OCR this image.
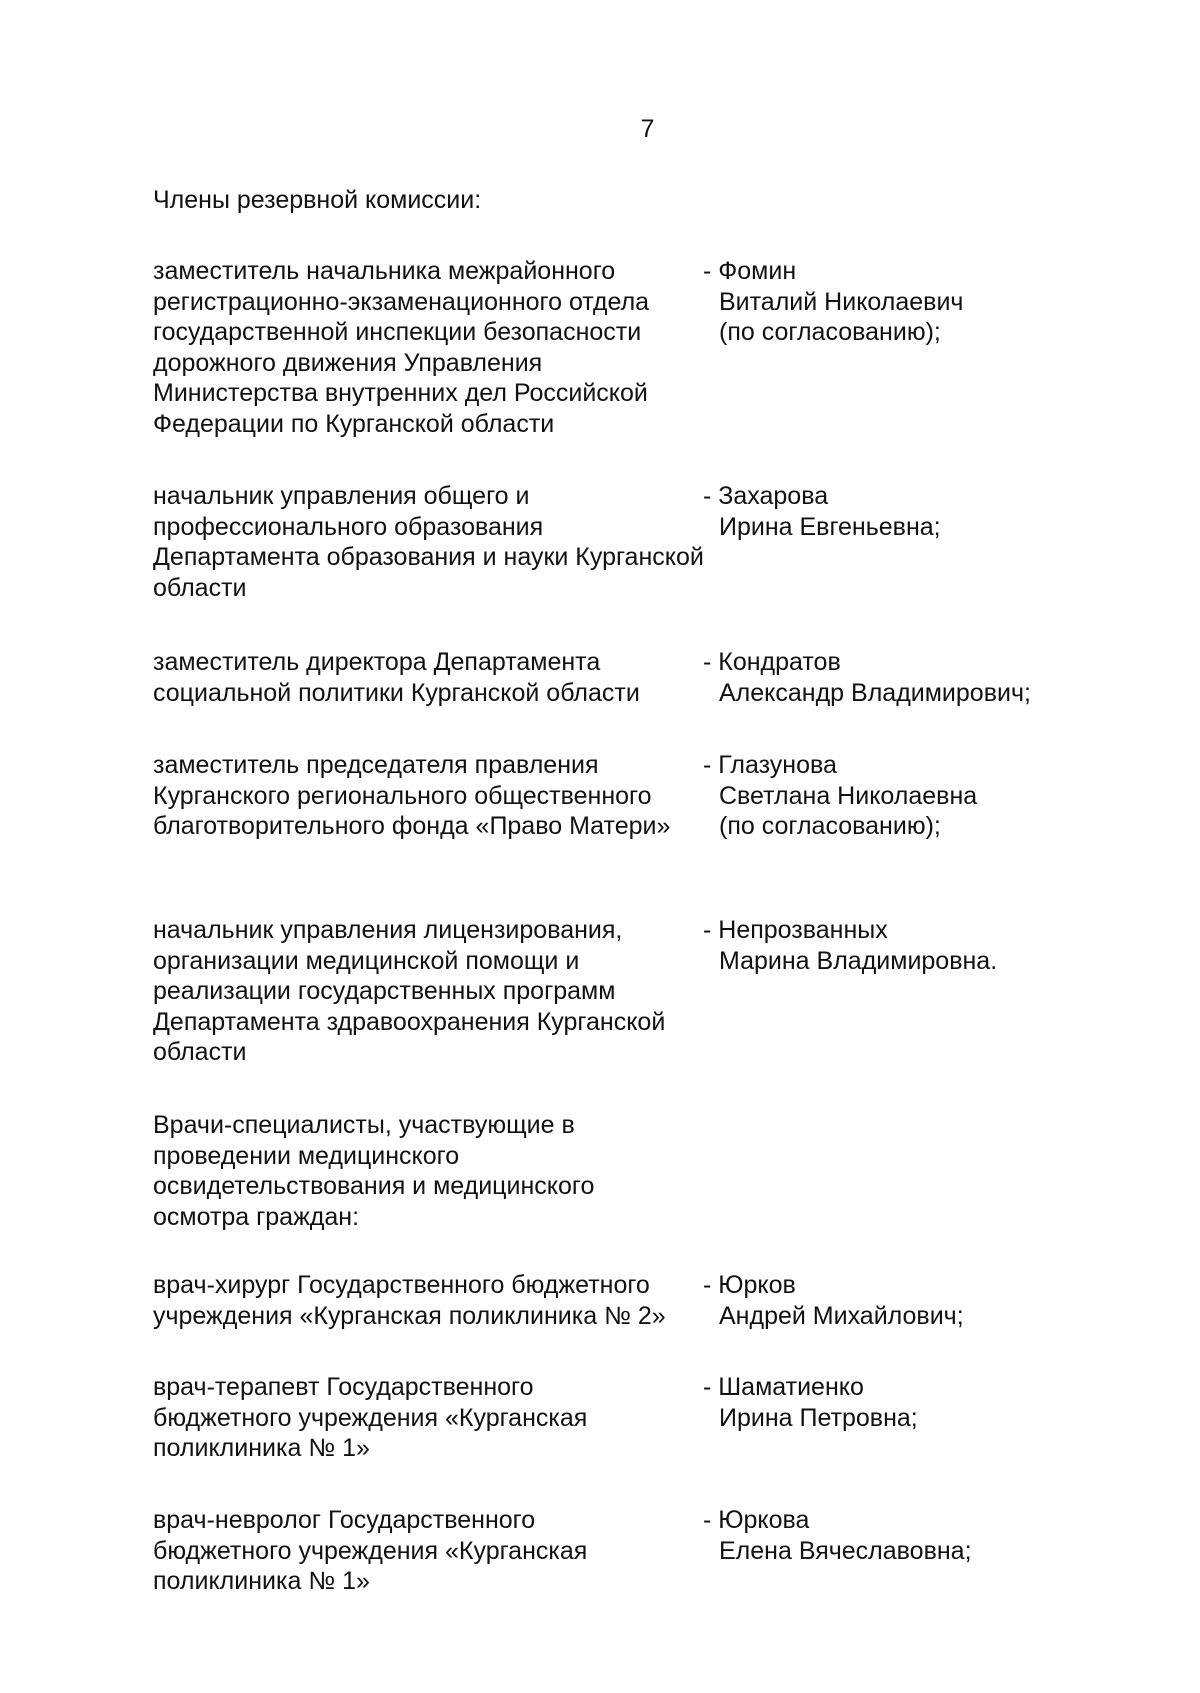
7
Члены резервной комиссии:
заместитель начальника межрайонного регистрационно-экзаменационного отдела государственной инспекции безопасности дорожного движения Управления Министерства внутренних дел Российской Федерации по Курганской области
- Фомин
Виталий Николаевич
(по согласованию);
начальник управления общего и профессионального образования Департамента образования и науки Курганской области
- Захарова
Ирина Евгеньевна;
заместитель директора Департамента социальной политики Курганской области
- Кондратов
Александр Владимирович;
заместитель председателя правления Курганского регионального общественного благотворительного фонда «Право Матери»
- Глазунова
Светлана Николаевна
(по согласованию);
начальник управления лицензирования, организации медицинской помощи и реализации государственных программ Департамента здравоохранения Курганской области
- Непрозванных
Марина Владимировна.
Врачи-специалисты, участвующие в проведении медицинского освидетельствования и медицинского осмотра граждан:
врач-хирург Государственного бюджетного учреждения «Курганская поликлиника № 2»
- Юрков
Андрей Михайлович;
врач-терапевт Государственного бюджетного учреждения «Курганская поликлиника № 1»
- Шаматиенко
Ирина Петровна;
врач-невролог Государственного бюджетного учреждения «Курганская поликлиника № 1»
- Юркова
Елена Вячеславовна;
